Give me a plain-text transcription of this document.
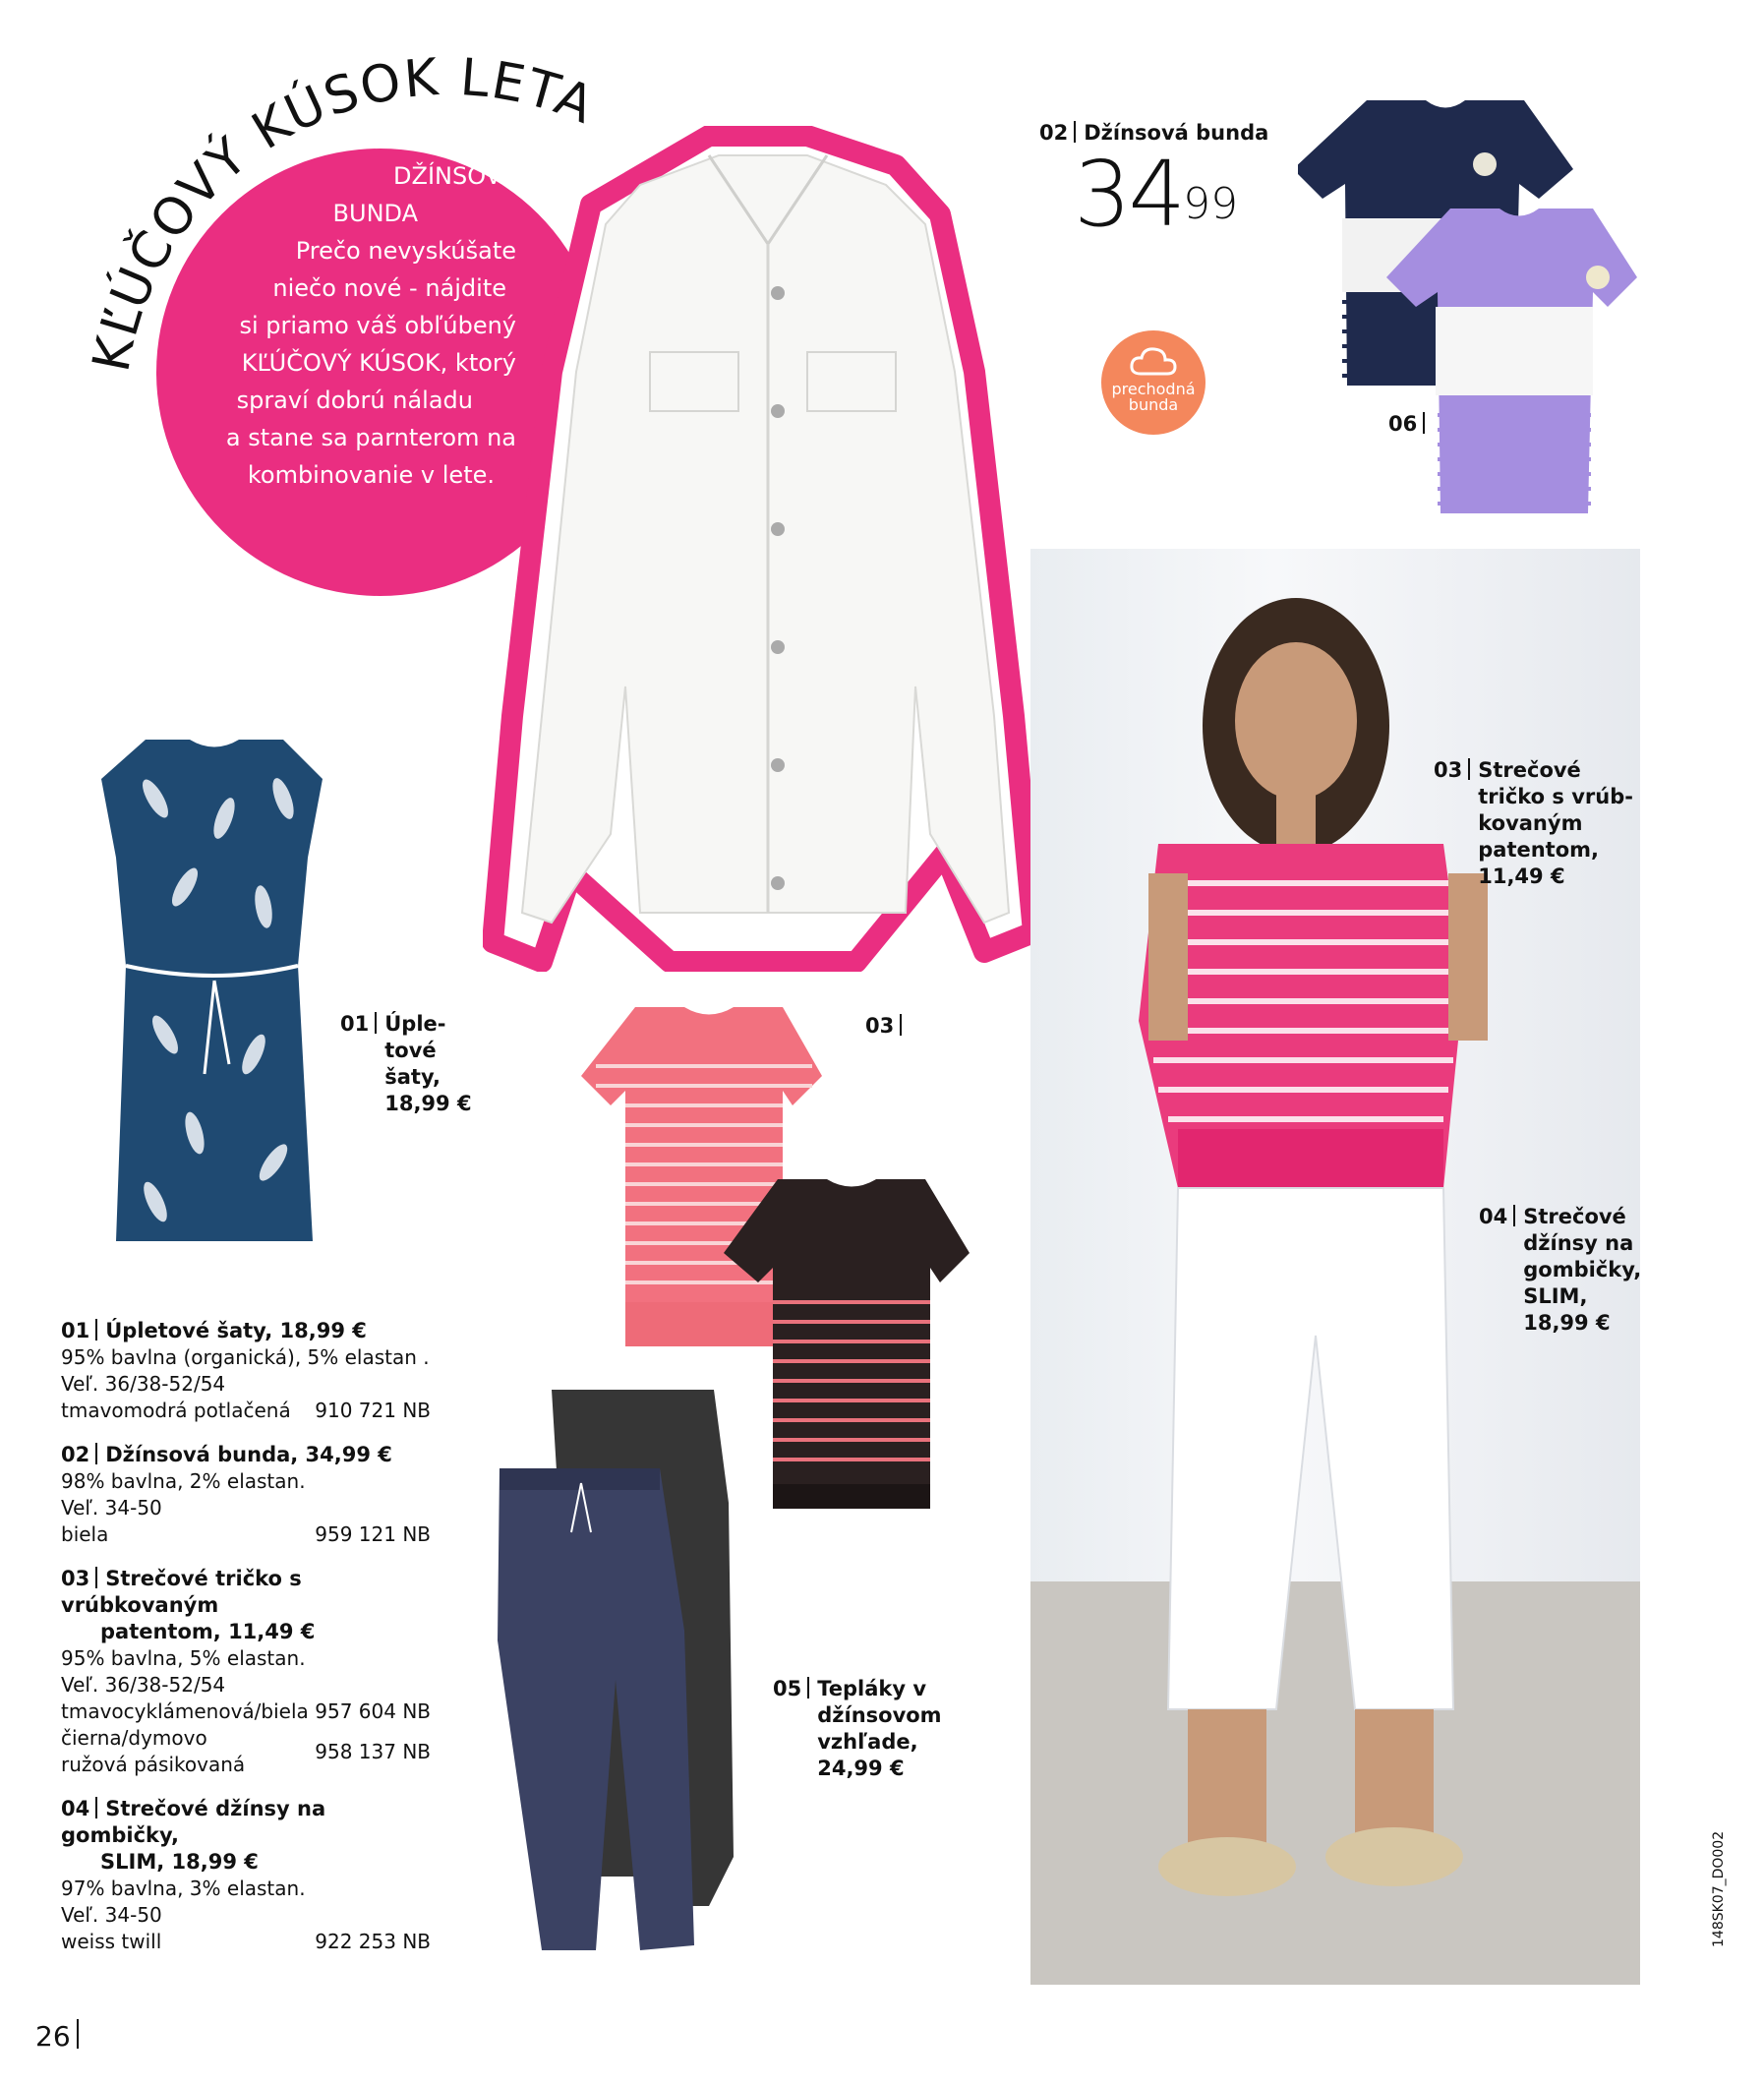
KĽÚČOVÝ KÚSOK LETA
DŽÍNSOVÁ
BUNDA
Prečo nevyskúšate
niečo nové - nájdite
si priamo váš obľúbený
KĽÚČOVÝ KÚSOK, ktorý
spraví dobrú náladu
a stane sa parnterom na
kombinovanie v lete.
02 Džínsová bunda
$34^{99}$
prechodná
bunda
06
01 Úple-
tové
šaty,
18,99 €
03
05 Tepláky v
džínsovom
vzhľade,
24,99 €
03 Strečové
tričko s vrúb-
kovaným
patentom,
11,49 €
04 Strečové
džínsy na
gombičky,
SLIM,
18,99 €
01 Úpletové šaty, 18,99 €
95% bavlna (organická), 5% elastan .
Veľ. 36/38-52/54
tmavomodrá potlačená 910 721 NB
02 Džínsová bunda, 34,99 €
98% bavlna, 2% elastan.
Veľ. 34-50
biela	959 121 NB
03 Strečové tričko s vrúbkovaným
patentom, 11,49 €
95% bavlna, 5% elastan.
Veľ. 36/38-52/54
tmavocyklámenová/biela 957 604 NB
čierna/dymovo ružová pásikovaná
958 137 NB
04 Strečové džínsy na gombičky,
SLIM, 18,99 €
97% bavlna, 3% elastan.
Veľ. 34-50
weiss twill	922 253 NB
26
148SK07_DO002
